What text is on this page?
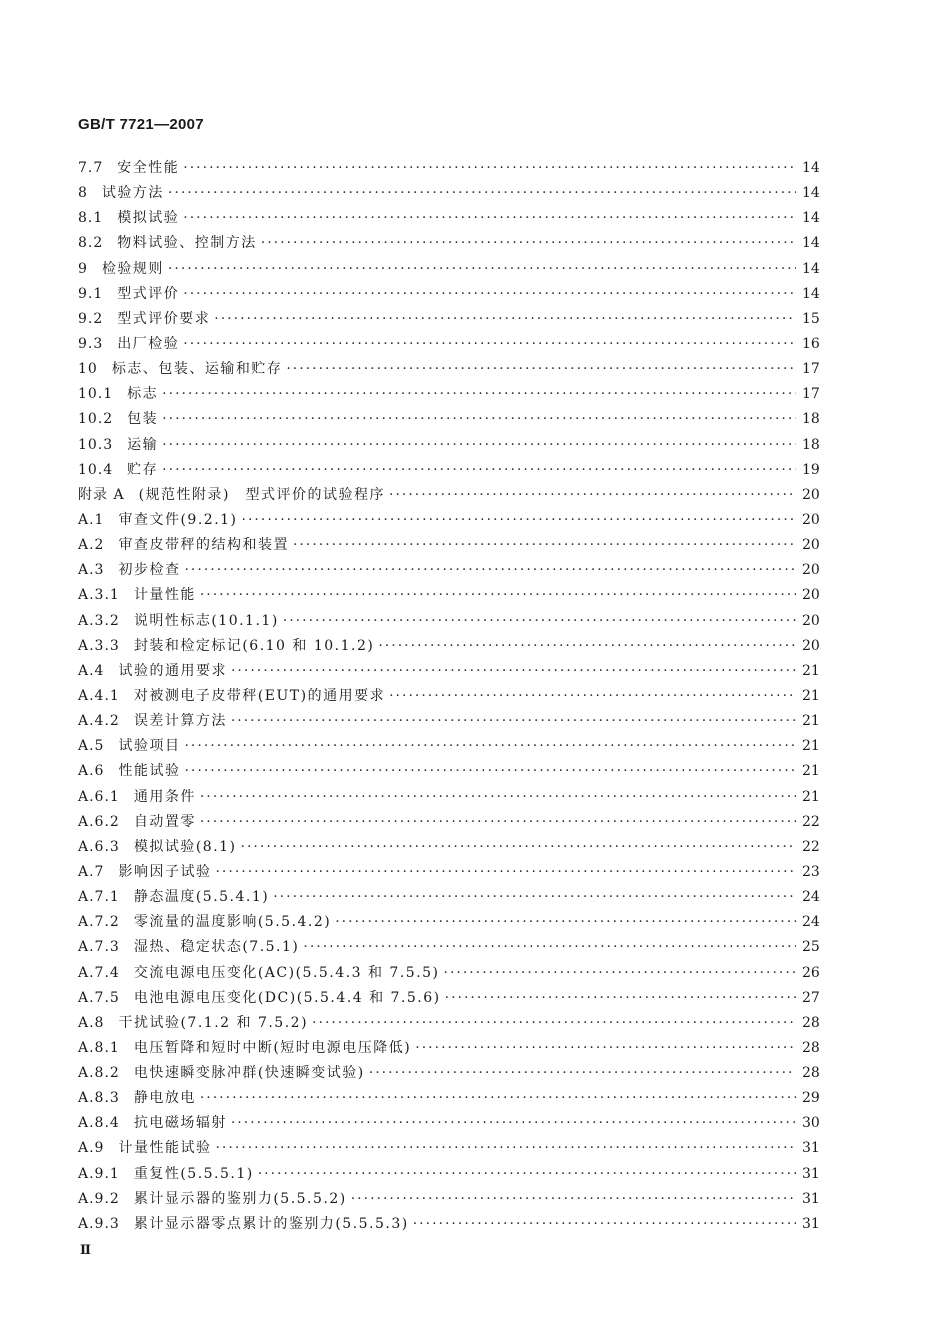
GB/T 7721—2007
7.7 安全性能 ·····	14
8 试验方法 ·····	14
8.1 模拟试验 ·····	14
8.2 物料试验、控制方法 ·····	14
9 检验规则 ·····	14
9.1 型式评价 ·····	14
9.2 型式评价要求 ·····	15
9.3 出厂检验 ·····	16
10 标志、包装、运输和贮存 ·····	17
10.1 标志 ·····	17
10.2 包装 ·····	18
10.3 运输 ·····	18
10.4 贮存 ·····	19
附录 A (规范性附录)　型式评价的试验程序 ·····	20
A.1 审查文件(9.2.1) ·····	20
A.2 审查皮带秤的结构和装置 ·····	20
A.3 初步检查 ·····	20
A.3.1 计量性能 ·····	20
A.3.2 说明性标志(10.1.1) ·····	20
A.3.3 封装和检定标记(6.10 和 10.1.2) ·····	20
A.4 试验的通用要求 ·····	21
A.4.1 对被测电子皮带秤(EUT)的通用要求 ·····	21
A.4.2 误差计算方法 ·····	21
A.5 试验项目 ·····	21
A.6 性能试验 ·····	21
A.6.1 通用条件 ·····	21
A.6.2 自动置零 ·····	22
A.6.3 模拟试验(8.1) ·····	22
A.7 影响因子试验 ·····	23
A.7.1 静态温度(5.5.4.1) ·····	24
A.7.2 零流量的温度影响(5.5.4.2) ·····	24
A.7.3 湿热、稳定状态(7.5.1) ·····	25
A.7.4 交流电源电压变化(AC)(5.5.4.3 和 7.5.5) ·····	26
A.7.5 电池电源电压变化(DC)(5.5.4.4 和 7.5.6) ·····	27
A.8 干扰试验(7.1.2 和 7.5.2) ·····	28
A.8.1 电压暂降和短时中断(短时电源电压降低) ·····	28
A.8.2 电快速瞬变脉冲群(快速瞬变试验) ·····	28
A.8.3 静电放电 ·····	29
A.8.4 抗电磁场辐射 ·····	30
A.9 计量性能试验 ·····	31
A.9.1 重复性(5.5.5.1) ·····	31
A.9.2 累计显示器的鉴别力(5.5.5.2) ·····	31
A.9.3 累计显示器零点累计的鉴别力(5.5.5.3) ·····	31
Ⅱ
